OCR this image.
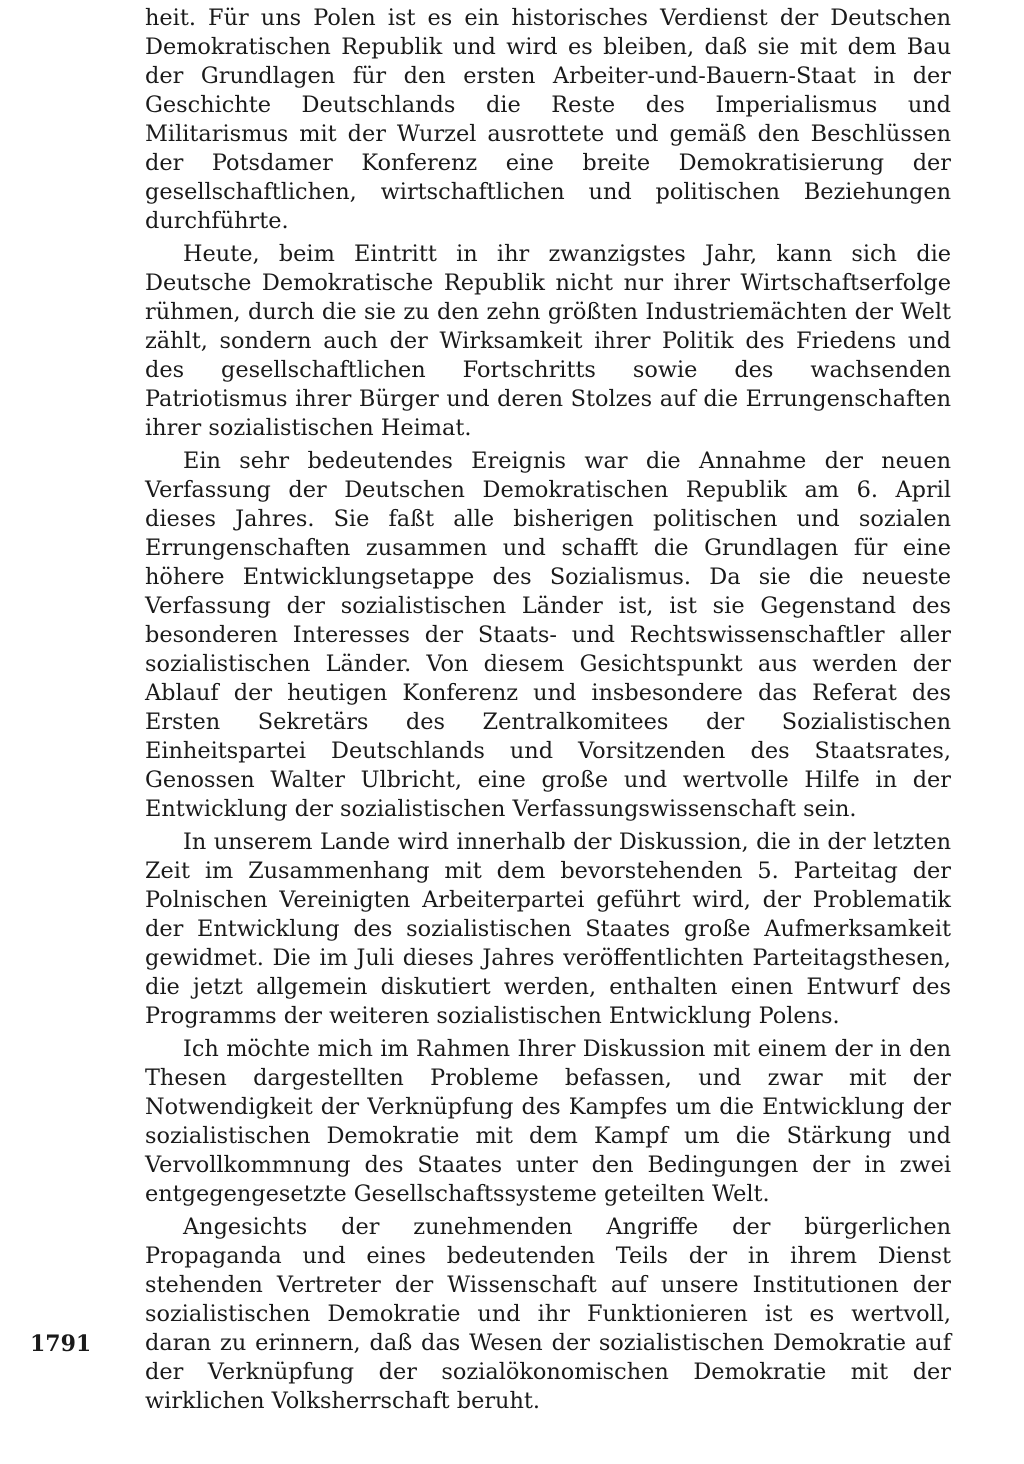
heit. Für uns Polen ist es ein historisches Verdienst der Deutschen Demokratischen Republik und wird es bleiben, daß sie mit dem Bau der Grundlagen für den ersten Arbeiter-und-Bauern-Staat in der Geschichte Deutschlands die Reste des Imperialismus und Militarismus mit der Wurzel ausrottete und gemäß den Beschlüssen der Potsdamer Konferenz eine breite Demokratisierung der gesellschaftlichen, wirtschaftlichen und politischen Beziehungen durchführte.

Heute, beim Eintritt in ihr zwanzigstes Jahr, kann sich die Deutsche Demokratische Republik nicht nur ihrer Wirtschaftserfolge rühmen, durch die sie zu den zehn größten Industriemächten der Welt zählt, sondern auch der Wirksamkeit ihrer Politik des Friedens und des gesellschaftlichen Fortschritts sowie des wachsenden Patriotismus ihrer Bürger und deren Stolzes auf die Errungenschaften ihrer sozialistischen Heimat.

Ein sehr bedeutendes Ereignis war die Annahme der neuen Verfassung der Deutschen Demokratischen Republik am 6. April dieses Jahres. Sie faßt alle bisherigen politischen und sozialen Errungenschaften zusammen und schafft die Grundlagen für eine höhere Entwicklungsetappe des Sozialismus. Da sie die neueste Verfassung der sozialistischen Länder ist, ist sie Gegenstand des besonderen Interesses der Staats- und Rechtswissenschaftler aller sozialistischen Länder. Von diesem Gesichtspunkt aus werden der Ablauf der heutigen Konferenz und insbesondere das Referat des Ersten Sekretärs des Zentralkomitees der Sozialistischen Einheitspartei Deutschlands und Vorsitzenden des Staatsrates, Genossen Walter Ulbricht, eine große und wertvolle Hilfe in der Entwicklung der sozialistischen Verfassungswissenschaft sein.

In unserem Lande wird innerhalb der Diskussion, die in der letzten Zeit im Zusammenhang mit dem bevorstehenden 5. Parteitag der Polnischen Vereinigten Arbeiterpartei geführt wird, der Problematik der Entwicklung des sozialistischen Staates große Aufmerksamkeit gewidmet. Die im Juli dieses Jahres veröffentlichten Parteitagsthesen, die jetzt allgemein diskutiert werden, enthalten einen Entwurf des Programms der weiteren sozialistischen Entwicklung Polens.

Ich möchte mich im Rahmen Ihrer Diskussion mit einem der in den Thesen dargestellten Probleme befassen, und zwar mit der Notwendigkeit der Verknüpfung des Kampfes um die Entwicklung der sozialistischen Demokratie mit dem Kampf um die Stärkung und Vervollkommnung des Staates unter den Bedingungen der in zwei entgegengesetzte Gesellschaftssysteme geteilten Welt.

Angesichts der zunehmenden Angriffe der bürgerlichen Propaganda und eines bedeutenden Teils der in ihrem Dienst stehenden Vertreter der Wissenschaft auf unsere Institutionen der sozialistischen Demokratie und ihr Funktionieren ist es wertvoll, daran zu erinnern, daß das Wesen der sozialistischen Demokratie auf der Verknüpfung der sozialökonomischen Demokratie mit der wirklichen Volksherrschaft beruht.

1791
